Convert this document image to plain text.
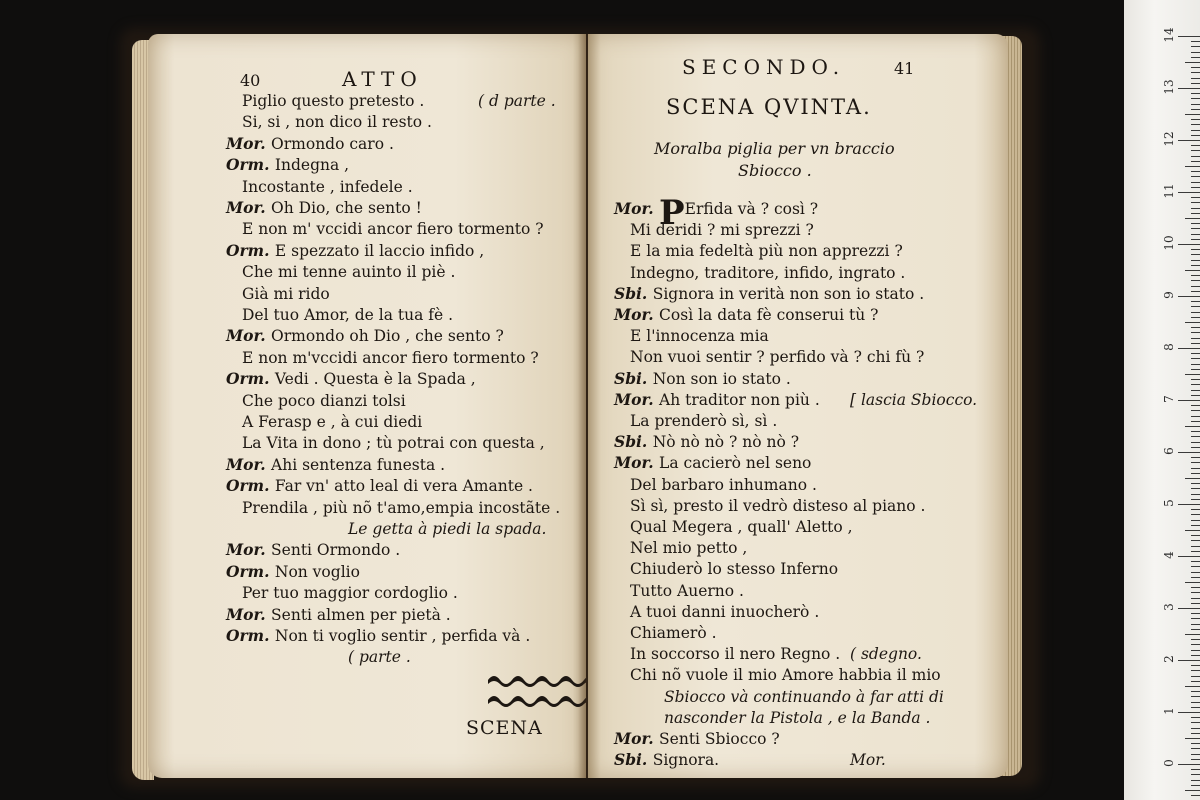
40	ATTO
Piglio questo pretesto .	( d parte .
Si, si , non dico il resto .
Mor. Ormondo caro .
Orm. Indegna ,
Incostante , infedele .
Mor. Oh Dio, che sento !
E non m' vccidi ancor fiero tormento ?
Orm. E spezzato il laccio infido ,
Che mi tenne auinto il piè .
Già mi rido
Del tuo Amor, de la tua fè .
Mor. Ormondo oh Dio , che sento ?
E non m'vccidi ancor fiero tormento ?
Orm. Vedi . Questa è la Spada ,
Che poco dianzi tolsi
A Ferasp e , à cui diedi
La Vita in dono ; tù potrai con questa ,
Mor. Ahi sentenza funesta .
Orm. Far vn' atto leal di vera Amante .
Prendila , più nõ t'amo,empia incostãte .
Le getta à piedi la spada.
Mor. Senti Ormondo .
Orm. Non voglio
Per tuo maggior cordoglio .
Mor. Senti almen per pietà .
Orm. Non ti voglio sentir , perfida và .
( parte .
SCENA
SECONDO.	41
SCENA QVINTA.
Moralba piglia per vn braccio
Sbiocco .
Mor. PErfida và ? così ?
Mi deridi ? mi sprezzi ?
E la mia fedeltà più non apprezzi ?
Indegno, traditore, infido, ingrato .
Sbi. Signora in verità non son io stato .
Mor. Così la data fè conserui tù ?
E l'innocenza mia
Non vuoi sentir ? perfido và ? chi fù ?
Sbi. Non son io stato .
Mor. Ah traditor non più . [ lascia Sbiocco.
La prenderò sì, sì .
Sbi. Nò nò nò ? nò nò ?
Mor. La cacierò nel seno
Del barbaro inhumano .
Sì sì, presto il vedrò disteso al piano .
Qual Megera , quall' Aletto ,
Nel mio petto ,
Chiuderò lo stesso Inferno
Tutto Auerno .
A tuoi danni inuocherò .
Chiamerò .
In soccorso il nero Regno . ( sdegno.
Chi nõ vuole il mio Amore habbia il mio
Sbiocco và continuando à far atti di
nasconder la Pistola , e la Banda .
Mor. Senti Sbiocco ?
Sbi. Signora.	Mor.
14
13
12
11
10
9
8
7
6
5
4
3
2
1
0
